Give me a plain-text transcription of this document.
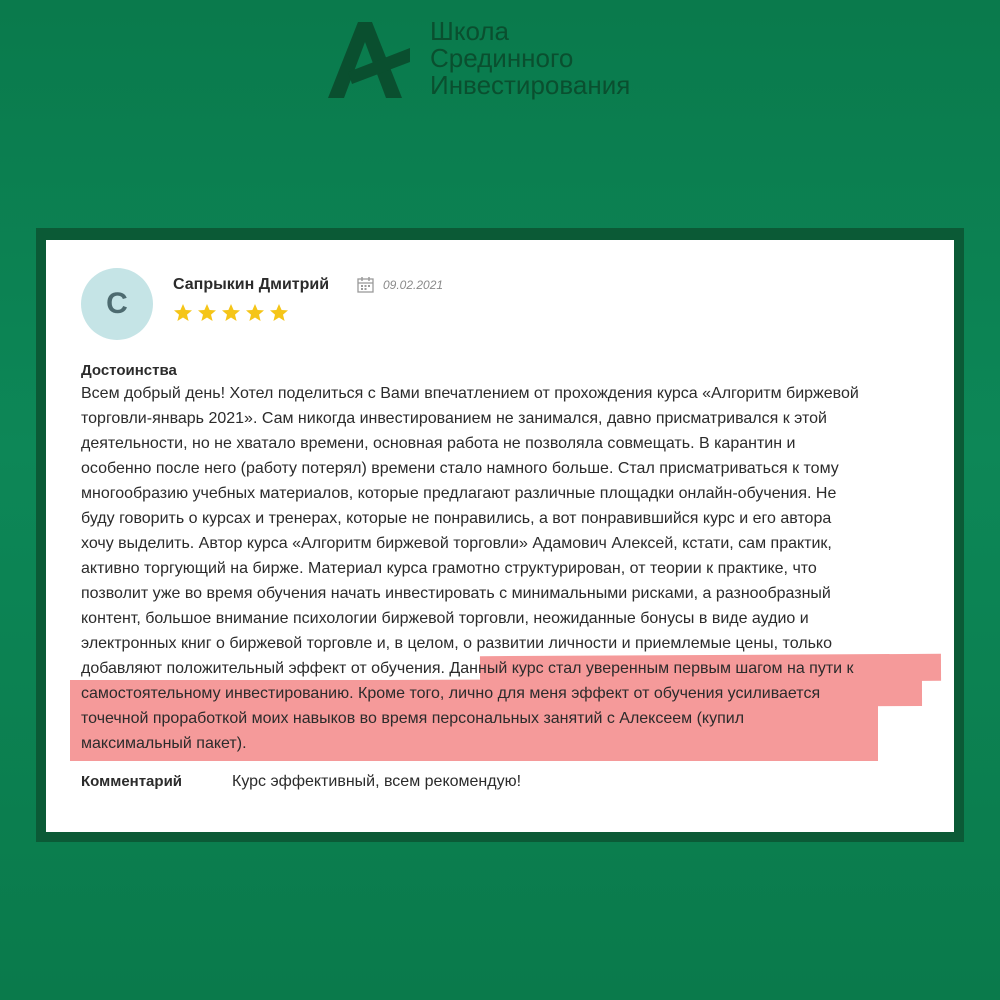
Школа
Срединного
Инвестирования
С
Сапрыкин Дмитрий	09.02.2021
Достоинства
Всем добрый день! Хотел поделиться с Вами впечатлением от прохождения курса «Алгоритм биржевой
торговли-январь 2021». Сам никогда инвестированием не занимался, давно присматривался к этой
деятельности, но не хватало времени, основная работа не позволяла совмещать. В карантин и
особенно после него (работу потерял) времени стало намного больше. Стал присматриваться к тому
многообразию учебных материалов, которые предлагают различные площадки онлайн-обучения. Не
буду говорить о курсах и тренерах, которые не понравились, а вот понравившийся курс и его автора
хочу выделить. Автор курса «Алгоритм биржевой торговли» Адамович Алексей, кстати, сам практик,
активно торгующий на бирже. Материал курса грамотно структурирован, от теории к практике, что
позволит уже во время обучения начать инвестировать с минимальными рисками, а разнообразный
контент, большое внимание психологии биржевой торговли, неожиданные бонусы в виде аудио и
электронных книг о биржевой торговле и, в целом, о развитии личности и приемлемые цены, только
добавляют положительный эффект от обучения. Данный курс стал уверенным первым шагом на пути к
самостоятельному инвестированию. Кроме того, лично для меня эффект от обучения усиливается
точечной проработкой моих навыков во время персональных занятий с Алексеем (купил
максимальный пакет).
Комментарий	Курс эффективный, всем рекомендую!
